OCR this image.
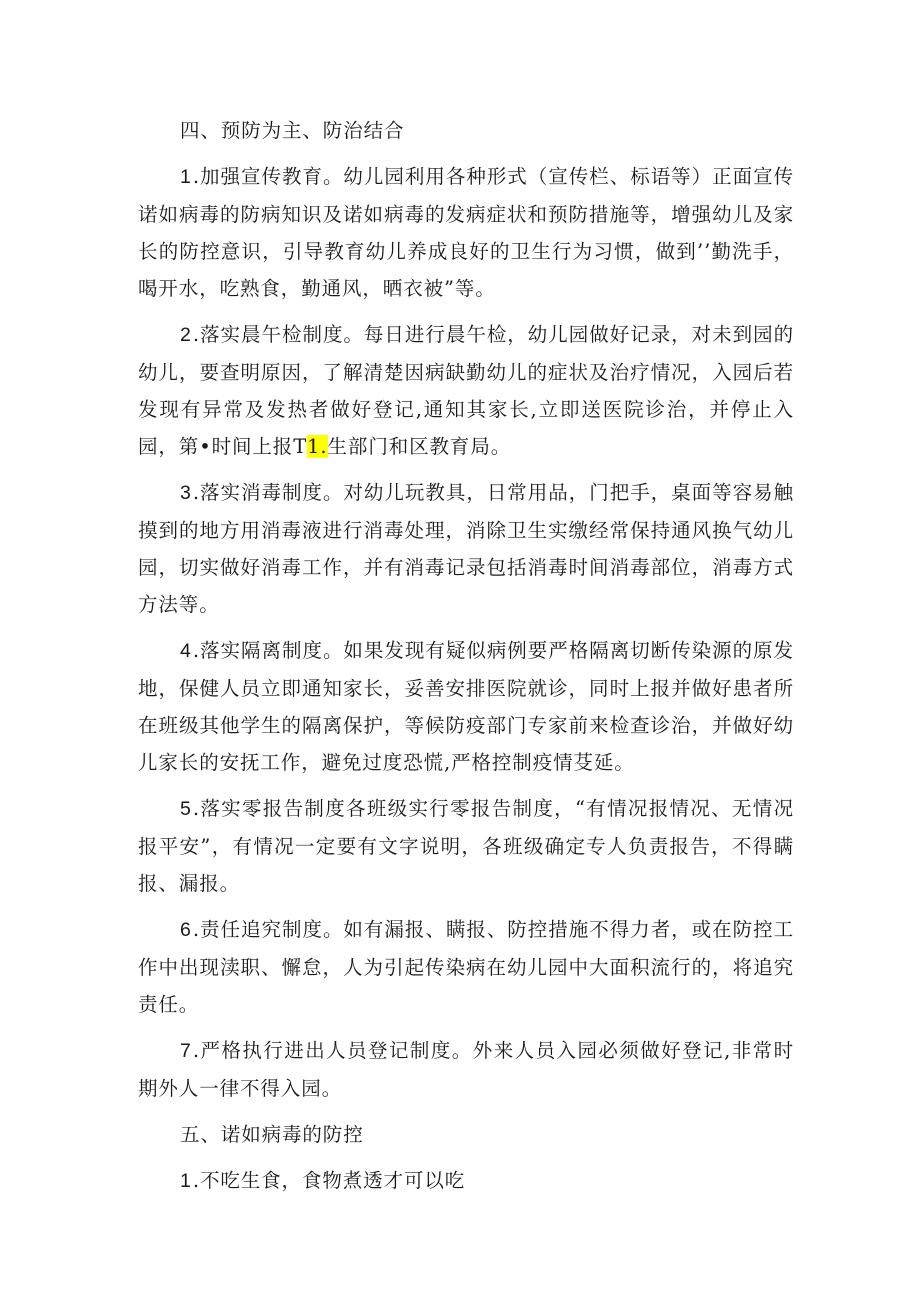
四、预防为主、防治结合

1.加强宣传教育。幼儿园利用各种形式（宣传栏、标语等）正面宣传诺如病毒的防病知识及诺如病毒的发病症状和预防措施等，增强幼儿及家长的防控意识，引导教育幼儿养成良好的卫生行为习惯，做到’’勤洗手，喝开水，吃熟食，勤通风，晒衣被”等。

2.落实晨午检制度。每日进行晨午检，幼儿园做好记录，对未到园的幼儿，要查明原因，了解清楚因病缺勤幼儿的症状及治疗情况，入园后若发现有异常及发热者做好登记,通知其家长,立即送医院诊治，并停止入园，第•时间上报T1.生部门和区教育局。

3.落实消毒制度。对幼儿玩教具，日常用品，门把手，桌面等容易触摸到的地方用消毒液进行消毒处理，消除卫生实缴经常保持通风换气幼儿园，切实做好消毒工作，并有消毒记录包括消毒时间消毒部位，消毒方式方法等。

4.落实隔离制度。如果发现有疑似病例要严格隔离切断传染源的原发地，保健人员立即通知家长，妥善安排医院就诊，同时上报并做好患者所在班级其他学生的隔离保护，等候防疫部门专家前来检查诊治，并做好幼儿家长的安抚工作，避免过度恐慌,严格控制疫情芟延。

5.落实零报告制度各班级实行零报告制度，“有情况报情况、无情况报平安”，有情况一定要有文字说明，各班级确定专人负责报告，不得瞒报、漏报。

6.责任追究制度。如有漏报、瞒报、防控措施不得力者，或在防控工作中出现渎职、懈怠，人为引起传染病在幼儿园中大面积流行的，将追究责任。

7.严格执行进出人员登记制度。外来人员入园必须做好登记,非常时期外人一律不得入园。

五、诺如病毒的防控

1.不吃生食，食物煮透才可以吃
